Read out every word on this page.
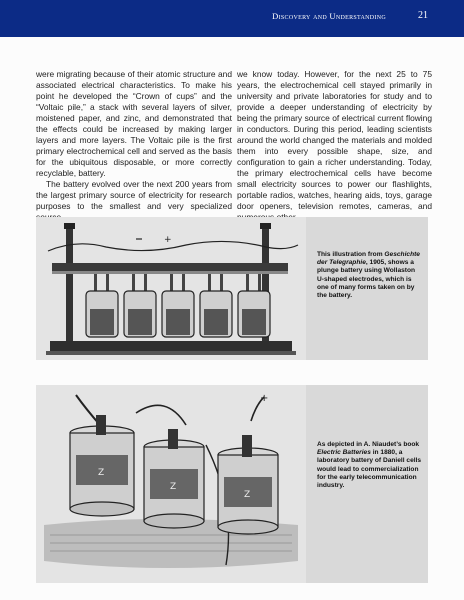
Discovery and Understanding	21

were migrating because of their atomic structure and associated electrical characteristics. To make his point he developed the “Crown of cups” and the “Voltaic pile,” a stack with several layers of silver, moistened paper, and zinc, and demonstrated that the effects could be increased by making larger layers and more layers. The Voltaic pile is the first primary electrochemical cell and served as the basis for the ubiquitous disposable, or more correctly recyclable, battery.

The battery evolved over the next 200 years from the largest primary source of electricity for research purposes to the smallest and very specialized

we know today. However, for the next 25 to 75 years, the electrochemical cell stayed primarily in university and private laboratories for study and to provide a deeper understanding of electricity by being the primary source of electrical current flowing in conductors. During this period, leading scientists around the world changed the materials and molded them into every possible shape, size, and configuration to gain a richer understanding. Today, the primary electrochemical cells have become small electricity sources to power our flashlights, portable radios, watches, hearing aids, toys, garage door openers, television remotes, cameras, and

+
This illustration from Geschichte der Telegraphie, 1905, shows a plunge battery using Wollaston U-shaped electrodes, which is one of many forms taken on by the battery.
+
Z
Z
Z
As depicted in A. Niaudet’s book Electric Batteries in 1880, a laboratory battery of Daniell cells would lead to commercialization for the early telecommunication industry.
